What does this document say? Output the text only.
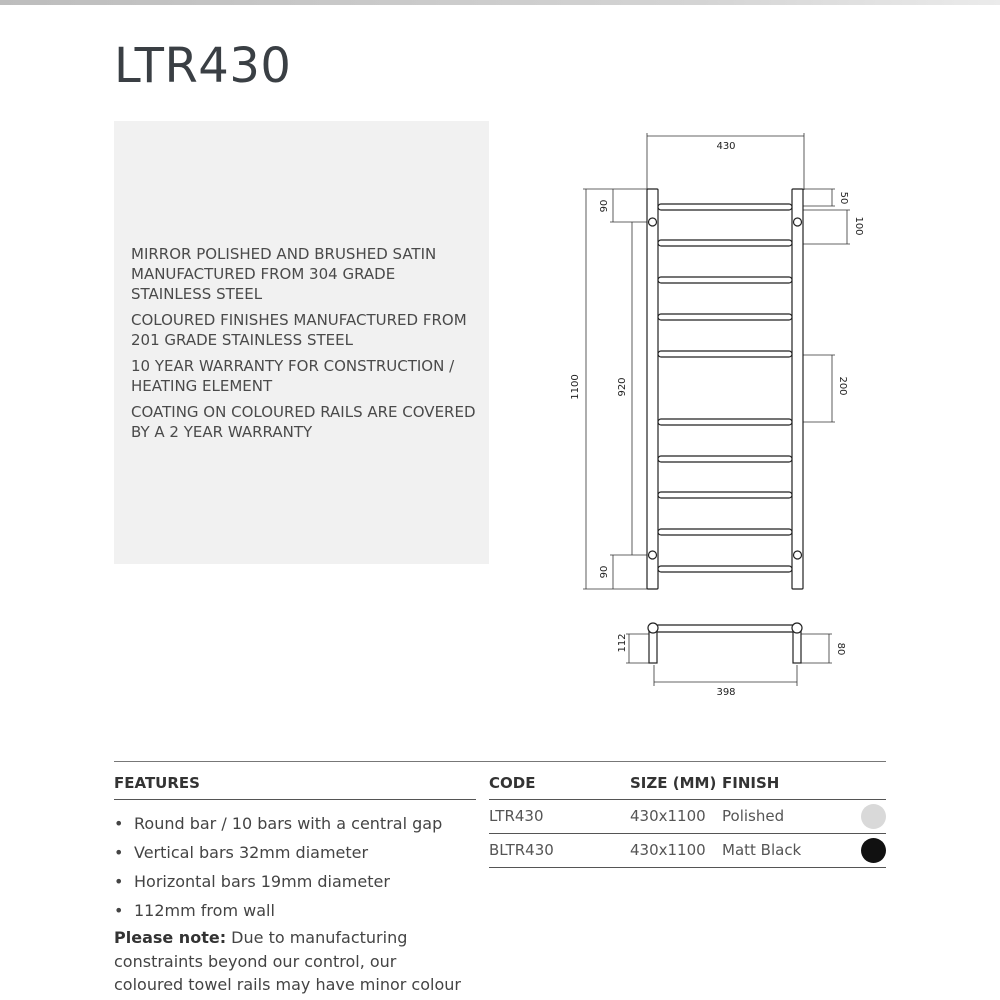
LTR430
MIRROR POLISHED AND BRUSHED SATIN MANUFACTURED FROM 304 GRADE STAINLESS STEEL
COLOURED FINISHES MANUFACTURED FROM 201 GRADE STAINLESS STEEL
10 YEAR WARRANTY FOR CONSTRUCTION / HEATING ELEMENT
COATING ON COLOURED RAILS ARE COVERED BY A 2 YEAR WARRANTY
430
90
1100	920
90
50
100
200
112	80
398
FEATURES
• Round bar / 10 bars with a central gap
• Vertical bars 32mm diameter
• Horizontal bars 19mm diameter
• 112mm from wall

Please note: Due to manufacturing constraints beyond our control, our coloured towel rails may have minor colour

CODE	SIZE (MM) FINISH
LTR430	430x1100 Polished
BLTR430	430x1100 Matt Black
